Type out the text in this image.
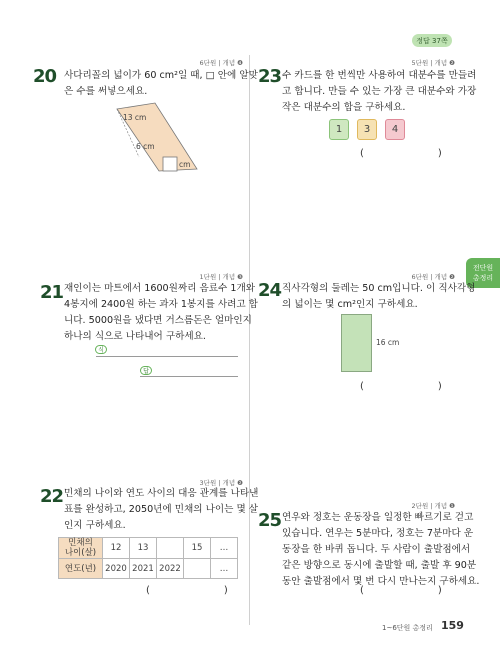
정답 37쪽
전단원
총정리
6단원 | 개념 ❹
20 사다리꼴의 넓이가 60 cm²일 때, □ 안에 알맞
은 수를 써넣으세요.
13 cm
6 cm
cm
1단원 | 개념 ❸
21 재인이는 마트에서 1600원짜리 음료수 1개와
4봉지에 2400원 하는 과자 1봉지를 사려고 합
니다. 5000원을 냈다면 거스름돈은 얼마인지
하나의 식으로 나타내어 구하세요.
식
답
3단원 | 개념 ❷
22 민채의 나이와 연도 사이의 대응 관계를 나타낸
표를 완성하고, 2050년에 민채의 나이는 몇 살
인지 구하세요.
민채의
나이(살)	12	13		15	…
연도(년)	2020	2021	2022		…
(	)
5단원 | 개념 ❷
23 수 카드를 한 번씩만 사용하여 대분수를 만들려
고 합니다. 만들 수 있는 가장 큰 대분수와 가장
작은 대분수의 합을 구하세요.
1	3	4
(	)
6단원 | 개념 ❷
24 직사각형의 둘레는 50 cm입니다. 이 직사각형
의 넓이는 몇 cm²인지 구하세요.
16 cm
(	)
2단원 | 개념 ❶
25 연우와 정호는 운동장을 일정한 빠르기로 걷고
있습니다. 연우는 5분마다, 정호는 7분마다 운
동장을 한 바퀴 돕니다. 두 사람이 출발점에서
같은 방향으로 동시에 출발할 때, 출발 후 90분
동안 출발점에서 몇 번 다시 만나는지 구하세요.
(	)
1~6단원 총정리 159
